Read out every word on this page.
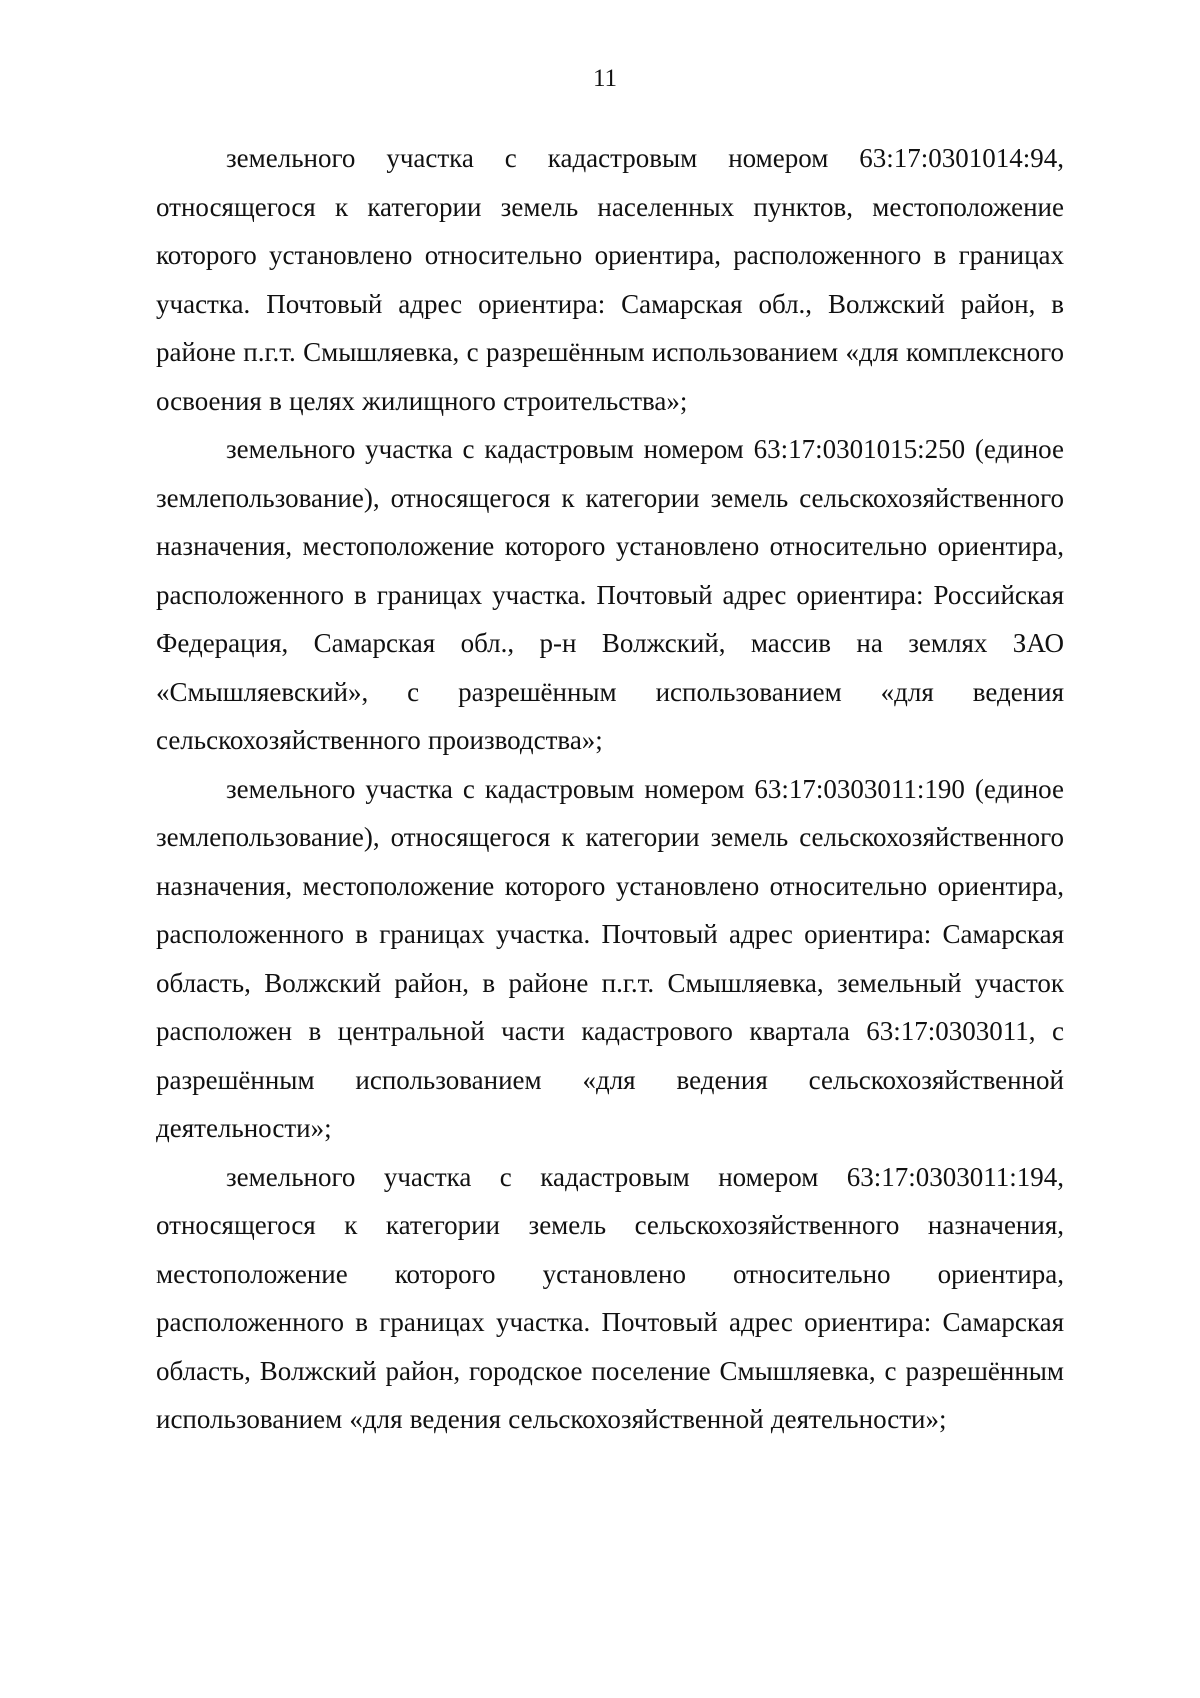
11

земельного участка с кадастровым номером 63:17:0301014:94, относящегося к категории земель населенных пунктов, местоположение которого установлено относительно ориентира, расположенного в границах участка. Почтовый адрес ориентира: Самарская обл., Волжский район, в районе п.г.т. Смышляевка, с разрешённым использованием «для комплексного освоения в целях жилищного строительства»;

земельного участка с кадастровым номером 63:17:0301015:250 (единое землепользование), относящегося к категории земель сельскохозяйственного назначения, местоположение которого установлено относительно ориентира, расположенного в границах участка. Почтовый адрес ориентира: Российская Федерация, Самарская обл., р-н Волжский, массив на землях ЗАО «Смышляевский», с разрешённым использованием «для ведения сельскохозяйственного производства»;

земельного участка с кадастровым номером 63:17:0303011:190 (единое землепользование), относящегося к категории земель сельскохозяйственного назначения, местоположение которого установлено относительно ориентира, расположенного в границах участка. Почтовый адрес ориентира: Самарская область, Волжский район, в районе п.г.т. Смышляевка, земельный участок расположен в центральной части кадастрового квартала 63:17:0303011, с разрешённым использованием «для ведения сельскохозяйственной деятельности»;

земельного участка с кадастровым номером 63:17:0303011:194, относящегося к категории земель сельскохозяйственного назначения, местоположение которого установлено относительно ориентира, расположенного в границах участка. Почтовый адрес ориентира: Самарская область, Волжский район, городское поселение Смышляевка, с разрешённым использованием «для ведения сельскохозяйственной деятельности»;
